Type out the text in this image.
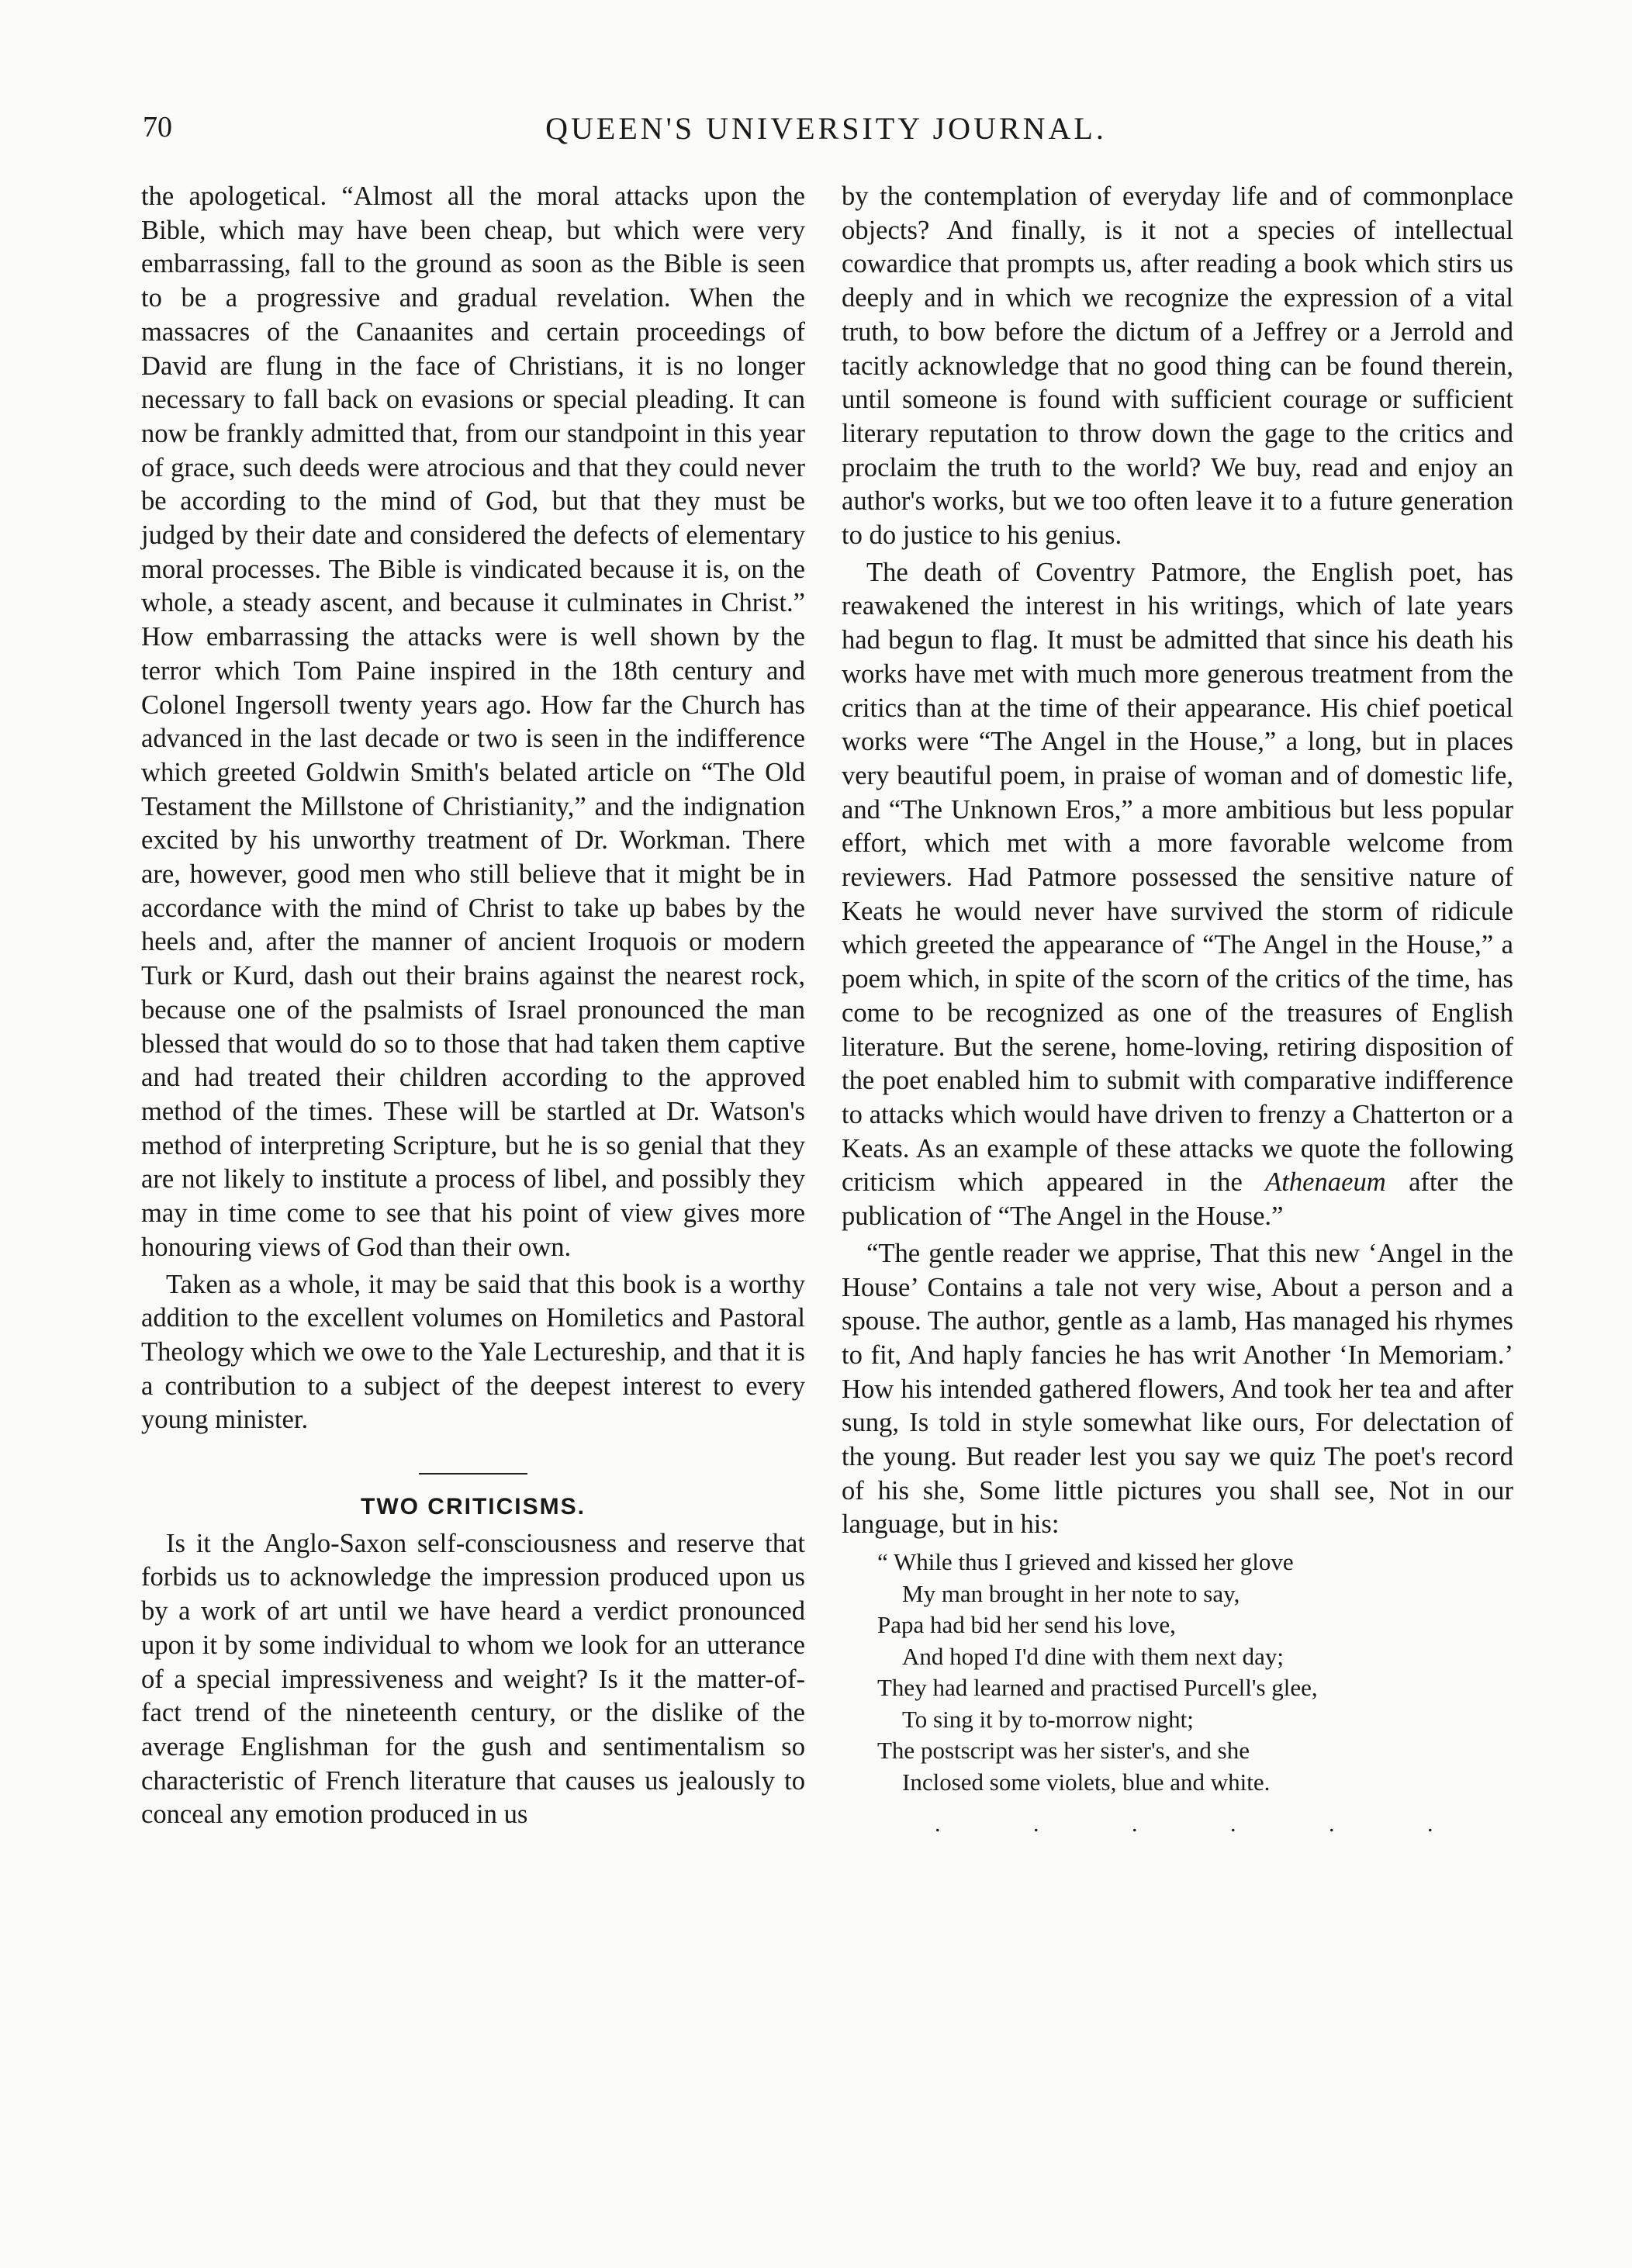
70	QUEEN'S UNIVERSITY JOURNAL.

the apologetical. “Almost all the moral attacks upon the Bible, which may have been cheap, but which were very embarrassing, fall to the ground as soon as the Bible is seen to be a progressive and gradual revelation. When the massacres of the Canaanites and certain proceedings of David are flung in the face of Christians, it is no longer necessary to fall back on evasions or special pleading. It can now be frankly admitted that, from our standpoint in this year of grace, such deeds were atrocious and that they could never be according to the mind of God, but that they must be judged by their date and considered the defects of elementary moral processes. The Bible is vindicated because it is, on the whole, a steady ascent, and because it culminates in Christ.” How embarrassing the attacks were is well shown by the terror which Tom Paine inspired in the 18th century and Colonel Ingersoll twenty years ago. How far the Church has advanced in the last decade or two is seen in the indifference which greeted Goldwin Smith's belated article on “The Old Testament the Millstone of Christianity,” and the indignation excited by his unworthy treatment of Dr. Workman. There are, however, good men who still believe that it might be in accordance with the mind of Christ to take up babes by the heels and, after the manner of ancient Iroquois or modern Turk or Kurd, dash out their brains against the nearest rock, because one of the psalmists of Israel pronounced the man blessed that would do so to those that had taken them captive and had treated their children according to the approved method of the times. These will be startled at Dr. Watson's method of interpreting Scripture, but he is so genial that they are not likely to institute a process of libel, and possibly they may in time come to see that his point of view gives more honouring views of God than their own.

Taken as a whole, it may be said that this book is a worthy addition to the excellent volumes on Homiletics and Pastoral Theology which we owe to the Yale Lectureship, and that it is a contribution to a subject of the deepest interest to every young minister.

TWO CRITICISMS.

Is it the Anglo-Saxon self-consciousness and reserve that forbids us to acknowledge the impression produced upon us by a work of art until we have heard a verdict pronounced upon it by some individual to whom we look for an utterance of a special impressiveness and weight? Is it the matter-of-fact trend of the nineteenth century, or the dislike of the average Englishman for the gush and sentimentalism so characteristic of French literature that causes us jealously to conceal any emotion produced in us

by the contemplation of everyday life and of commonplace objects? And finally, is it not a species of intellectual cowardice that prompts us, after reading a book which stirs us deeply and in which we recognize the expression of a vital truth, to bow before the dictum of a Jeffrey or a Jerrold and tacitly acknowledge that no good thing can be found therein, until someone is found with sufficient courage or sufficient literary reputation to throw down the gage to the critics and proclaim the truth to the world? We buy, read and enjoy an author's works, but we too often leave it to a future generation to do justice to his genius.

The death of Coventry Patmore, the English poet, has reawakened the interest in his writings, which of late years had begun to flag. It must be admitted that since his death his works have met with much more generous treatment from the critics than at the time of their appearance. His chief poetical works were “The Angel in the House,” a long, but in places very beautiful poem, in praise of woman and of domestic life, and “The Unknown Eros,” a more ambitious but less popular effort, which met with a more favorable welcome from reviewers. Had Patmore possessed the sensitive nature of Keats he would never have survived the storm of ridicule which greeted the appearance of “The Angel in the House,” a poem which, in spite of the scorn of the critics of the time, has come to be recognized as one of the treasures of English literature. But the serene, home-loving, retiring disposition of the poet enabled him to submit with comparative indifference to attacks which would have driven to frenzy a Chatterton or a Keats. As an example of these attacks we quote the following criticism which appeared in the Athenaeum after the publication of “The Angel in the House.”

“The gentle reader we apprise, That this new ‘Angel in the House’ Contains a tale not very wise, About a person and a spouse. The author, gentle as a lamb, Has managed his rhymes to fit, And haply fancies he has writ Another ‘In Memoriam.’ How his intended gathered flowers, And took her tea and after sung, Is told in style somewhat like ours, For delectation of the young. But reader lest you say we quiz The poet's record of his she, Some little pictures you shall see, Not in our language, but in his:

“ While thus I grieved and kissed her glove
My man brought in her note to say,
Papa had bid her send his love,
And hoped I'd dine with them next day;
They had learned and practised Purcell's glee,
To sing it by to-morrow night;
The postscript was her sister's, and she
Inclosed some violets, blue and white.
. . . . . .
